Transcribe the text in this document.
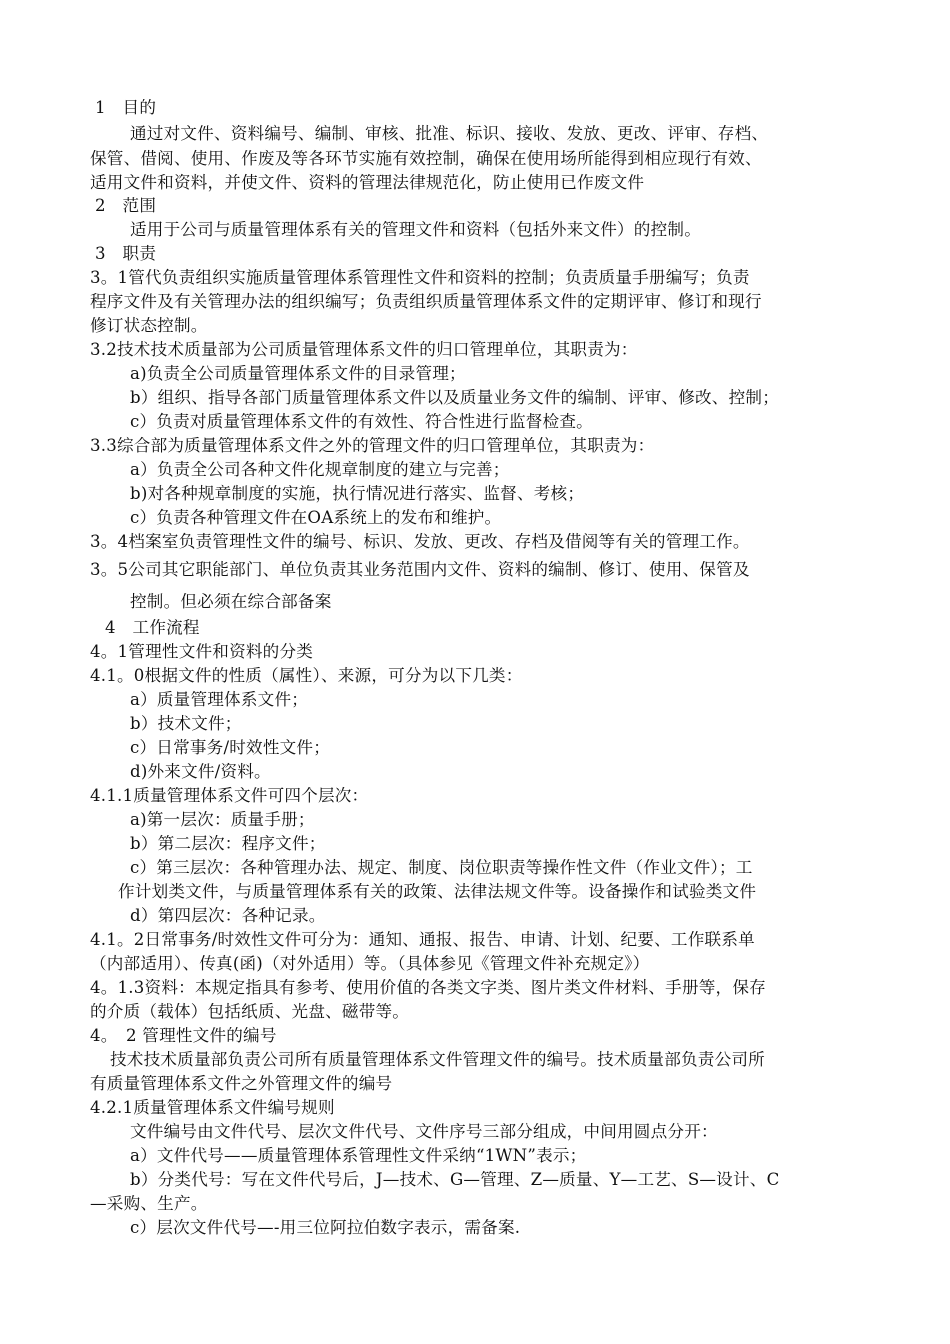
1　目的
通过对文件、资料编号、编制、审核、批准、标识、接收、发放、更改、评审、存档、
保管、借阅、使用、作废及等各环节实施有效控制，确保在使用场所能得到相应现行有效、
适用文件和资料，并使文件、资料的管理法律规范化，防止使用已作废文件
2　范围
适用于公司与质量管理体系有关的管理文件和资料（包括外来文件）的控制。
3　职责
3。1管代负责组织实施质量管理体系管理性文件和资料的控制；负责质量手册编写；负责
程序文件及有关管理办法的组织编写；负责组织质量管理体系文件的定期评审、修订和现行
修订状态控制。
3.2技术技术质量部为公司质量管理体系文件的归口管理单位，其职责为：
a)负责全公司质量管理体系文件的目录管理；
b）组织、指导各部门质量管理体系文件以及质量业务文件的编制、评审、修改、控制；
c）负责对质量管理体系文件的有效性、符合性进行监督检查。
3.3综合部为质量管理体系文件之外的管理文件的归口管理单位，其职责为：
a）负责全公司各种文件化规章制度的建立与完善；
b)对各种规章制度的实施，执行情况进行落实、监督、考核；
c）负责各种管理文件在OA系统上的发布和维护。
3。4档案室负责管理性文件的编号、标识、发放、更改、存档及借阅等有关的管理工作。
3。5公司其它职能部门、单位负责其业务范围内文件、资料的编制、修订、使用、保管及
控制。但必须在综合部备案
4　工作流程
4。1管理性文件和资料的分类
4.1。0根据文件的性质（属性）、来源，可分为以下几类：
a）质量管理体系文件；
b）技术文件；
c）日常事务/时效性文件；
d)外来文件/资料。
4.1.1质量管理体系文件可四个层次：
a)第一层次：质量手册；
b）第二层次：程序文件；
c）第三层次：各种管理办法、规定、制度、岗位职责等操作性文件（作业文件）；工
作计划类文件，与质量管理体系有关的政策、法律法规文件等。设备操作和试验类文件
d）第四层次：各种记录。
4.1。2日常事务/时效性文件可分为：通知、通报、报告、申请、计划、纪要、工作联系单
（内部适用）、传真(函)（对外适用）等。（具体参见《管理文件补充规定》）
4。1.3资料：本规定指具有参考、使用价值的各类文字类、图片类文件材料、手册等，保存
的介质（载体）包括纸质、光盘、磁带等。
4。　2 管理性文件的编号
技术技术质量部负责公司所有质量管理体系文件管理文件的编号。技术质量部负责公司所
有质量管理体系文件之外管理文件的编号
4.2.1质量管理体系文件编号规则
文件编号由文件代号、层次文件代号、文件序号三部分组成，中间用圆点分开：
a）文件代号——质量管理体系管理性文件采纳“1WN”表示；
b）分类代号：写在文件代号后，J—技术、G—管理、Z—质量、Y—工艺、S—设计、C
—采购、生产。
c）层次文件代号—-用三位阿拉伯数字表示，需备案.
